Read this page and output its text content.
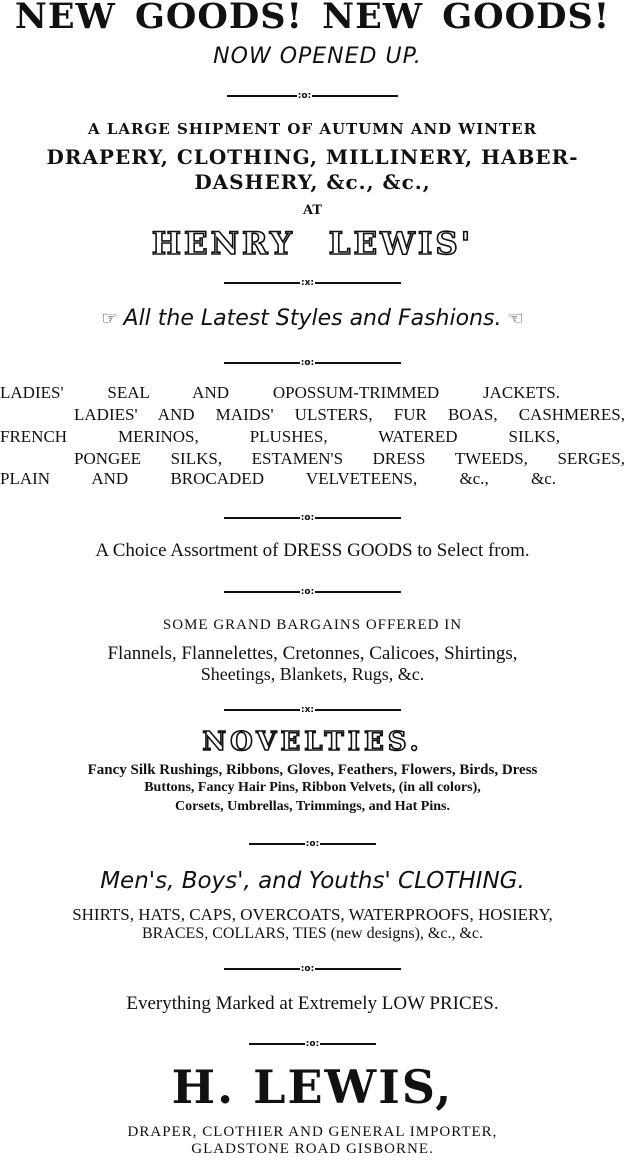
NEW GOODS! NEW GOODS!
NOW OPENED UP.
:o:
A LARGE SHIPMENT OF AUTUMN AND WINTER
DRAPERY, CLOTHING, MILLINERY, HABER-
DASHERY, &c., &c.,
AT
HENRY LEWIS'
:x:
☞ All the Latest Styles and Fashions. ☜
:o:
LADIES' SEAL AND OPOSSUM-TRIMMED JACKETS.
LADIES' AND MAIDS' ULSTERS, FUR BOAS, CASHMERES,
FRENCH MERINOS, PLUSHES, WATERED SILKS,
PONGEE SILKS, ESTAMEN'S DRESS TWEEDS, SERGES,
PLAIN AND BROCADED VELVETEENS, &c., &c.
:o:
A Choice Assortment of DRESS GOODS to Select from.
:o:
SOME GRAND BARGAINS OFFERED IN
Flannels, Flannelettes, Cretonnes, Calicoes, Shirtings,
Sheetings, Blankets, Rugs, &c.
:x:
NOVELTIES.
Fancy Silk Rushings, Ribbons, Gloves, Feathers, Flowers, Birds, Dress
Buttons, Fancy Hair Pins, Ribbon Velvets, (in all colors),
Corsets, Umbrellas, Trimmings, and Hat Pins.
:o:
Men's, Boys', and Youths' CLOTHING.
SHIRTS, HATS, CAPS, OVERCOATS, WATERPROOFS, HOSIERY,
BRACES, COLLARS, TIES (new designs), &c., &c.
:o:
Everything Marked at Extremely LOW PRICES.
:o:
H. LEWIS,
DRAPER, CLOTHIER AND GENERAL IMPORTER,
GLADSTONE ROAD GISBORNE.
